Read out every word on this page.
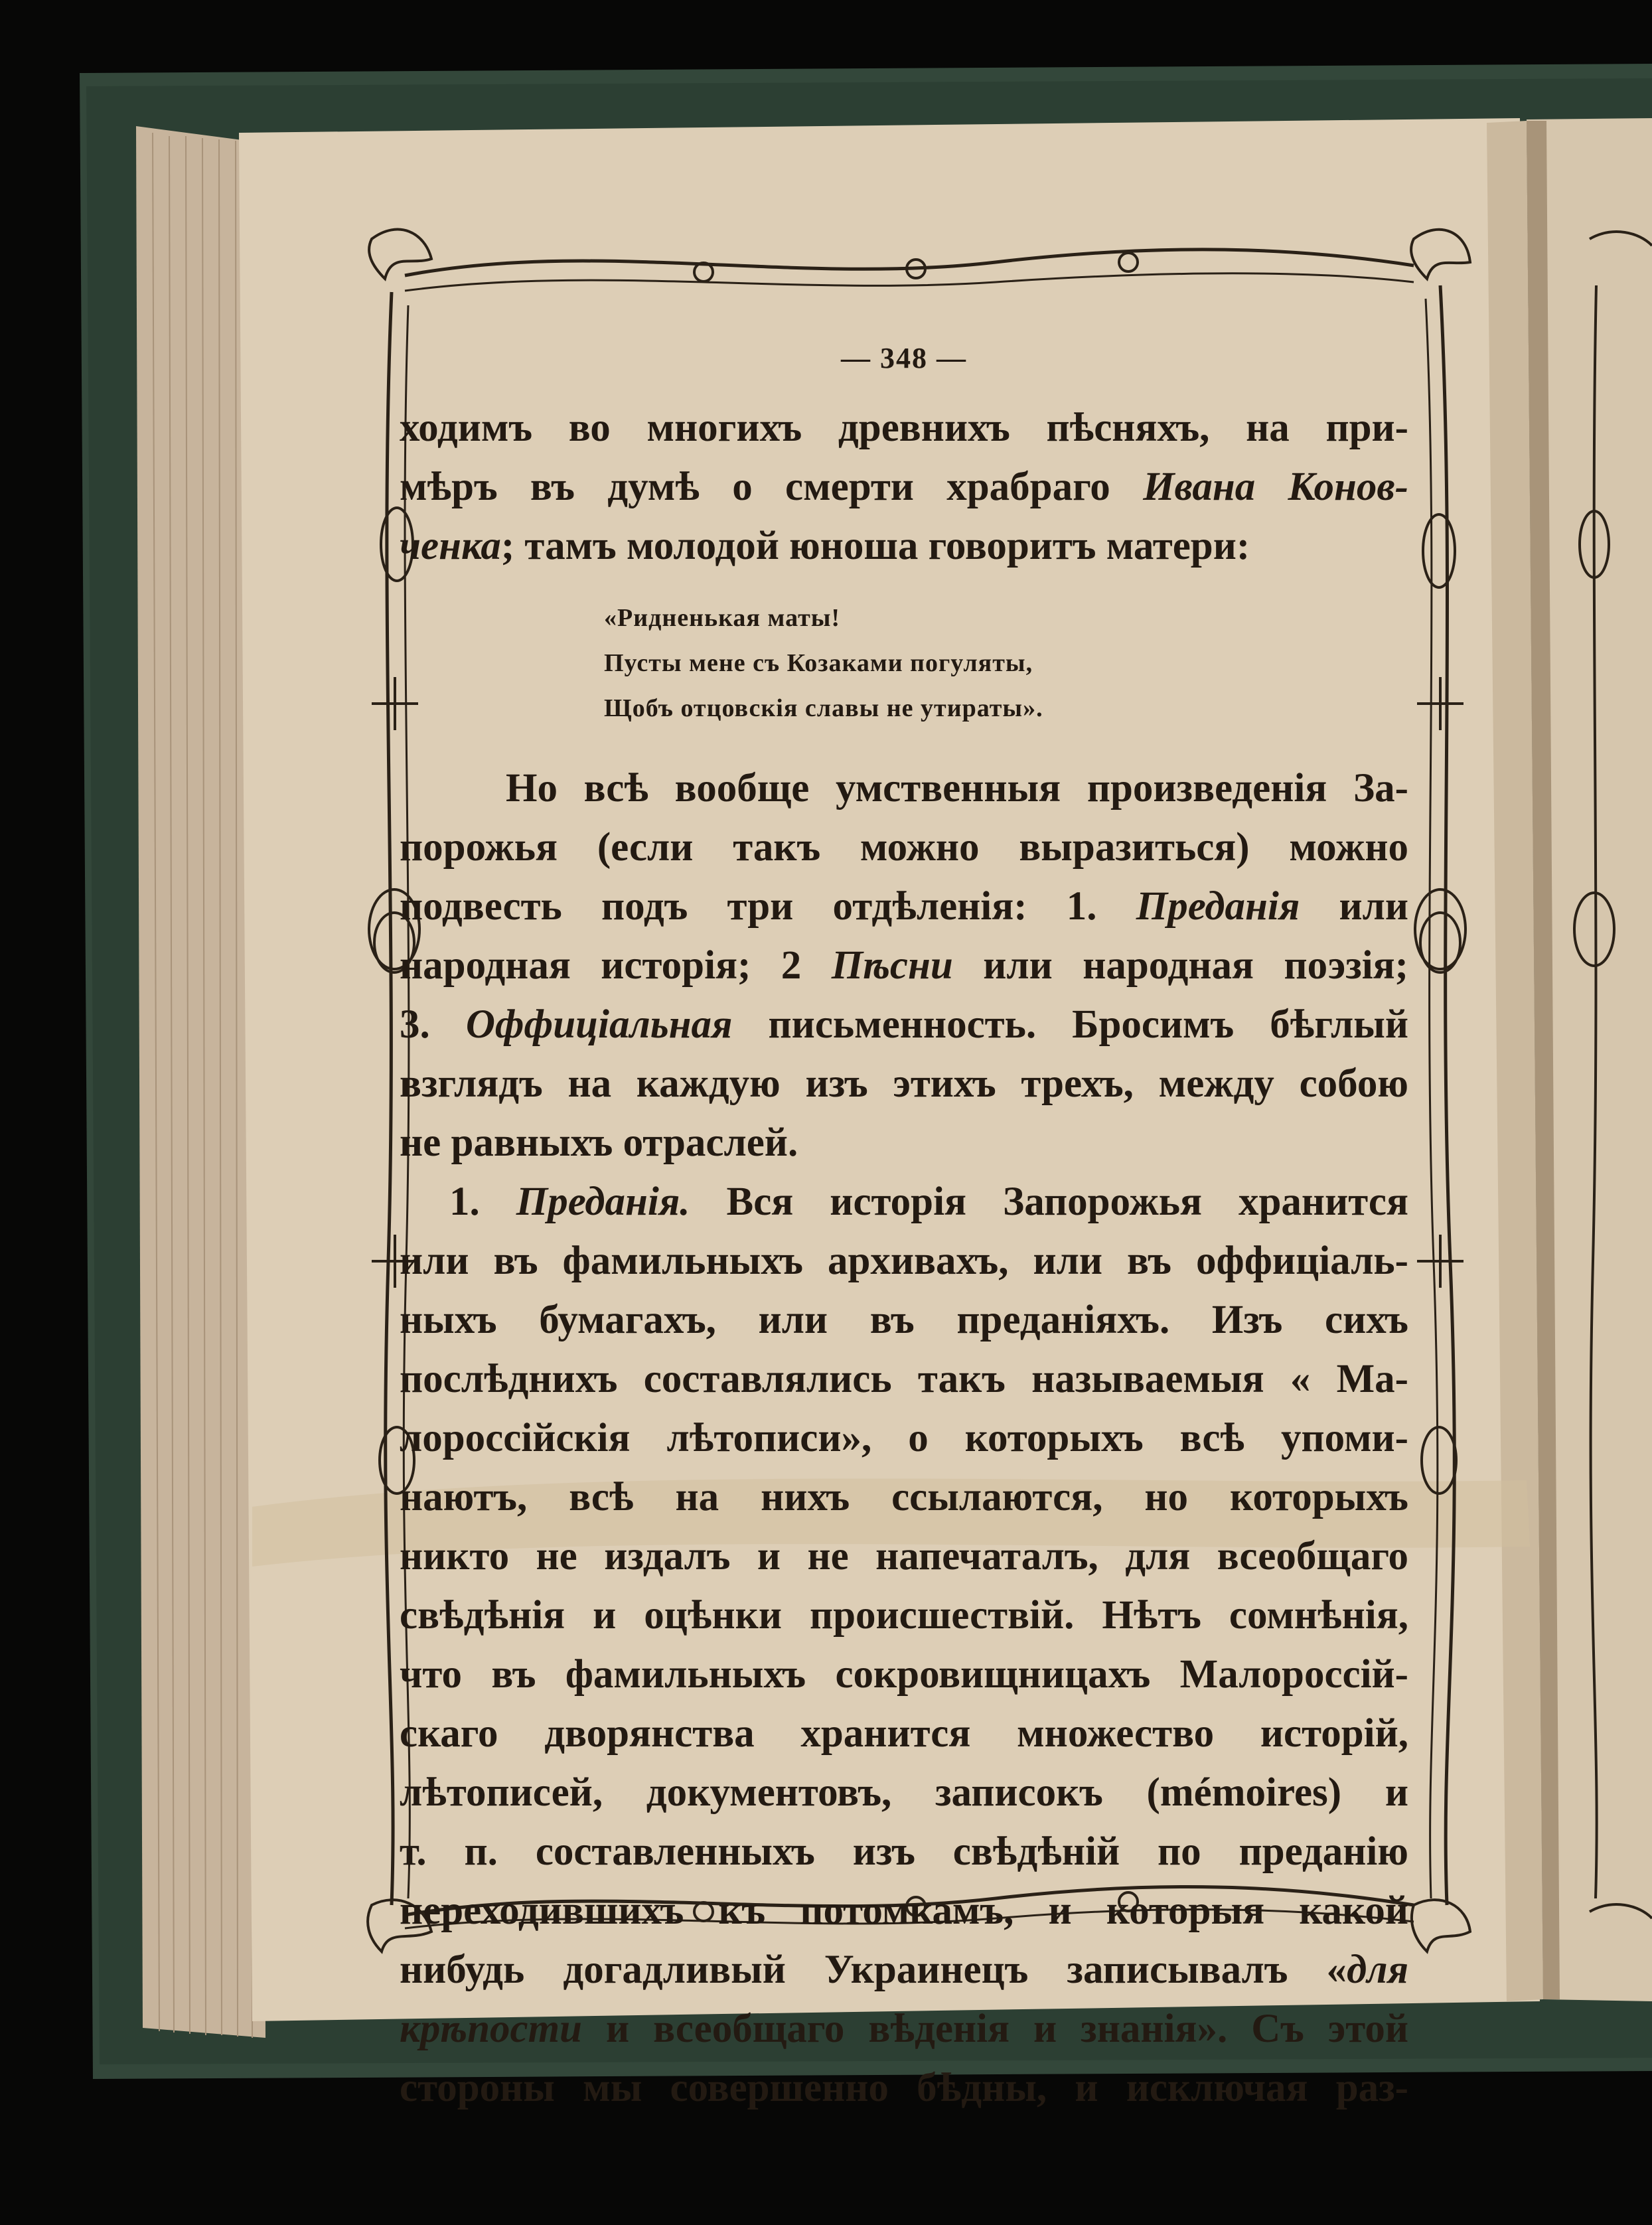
— 348 —
ходимъ во многихъ древнихъ пѣсняхъ, на при-
мѣръ въ думѣ о смерти храбраго Ивана Конов-
ченка; тамъ молодой юноша говоритъ матери:
«Ридненькая маты!
Пусты мене съ Козаками погуляты,
Щобъ отцовскія славы не утиpаты».
Но всѣ вообще умственныя произведенія За-
порожья (если такъ можно выразиться) можно
подвесть подъ три отдѣленія: 1. Преданія или
народная исторія; 2 Пѣсни или народная поэзія;
3. Оффиціальная письменность. Бросимъ бѣглый
взглядъ на каждую изъ этихъ трехъ, между собою
не равныхъ отраслей.
1. Преданія. Вся исторія Запорожья хранится
или въ фамильныхъ архивахъ, или въ оффиціаль-
ныхъ бумагахъ, или въ преданіяхъ. Изъ сихъ
послѣднихъ составлялись такъ называемыя « Ма-
лороссійскія лѣтописи», о которыхъ всѣ упоми-
наютъ, всѣ на нихъ ссылаются, но которыхъ
никто не издалъ и не напечаталъ, для всеобщаго
свѣдѣнія и оцѣнки происшествій. Нѣтъ сомнѣнія,
что въ фамильныхъ сокровищницахъ Малороссій-
скаго дворянства хранится множество исторій,
лѣтописей, документовъ, записокъ (mémoires) и
т. п. составленныхъ изъ свѣдѣній по преданію
переходившихъ къ потомкамъ, и которыя какой
нибудь догадливый Украинецъ записывалъ «для
крѣпости и всеобщаго вѣденія и знанія». Съ этой
стороны мы совершенно бѣдны, и исключая раз-
